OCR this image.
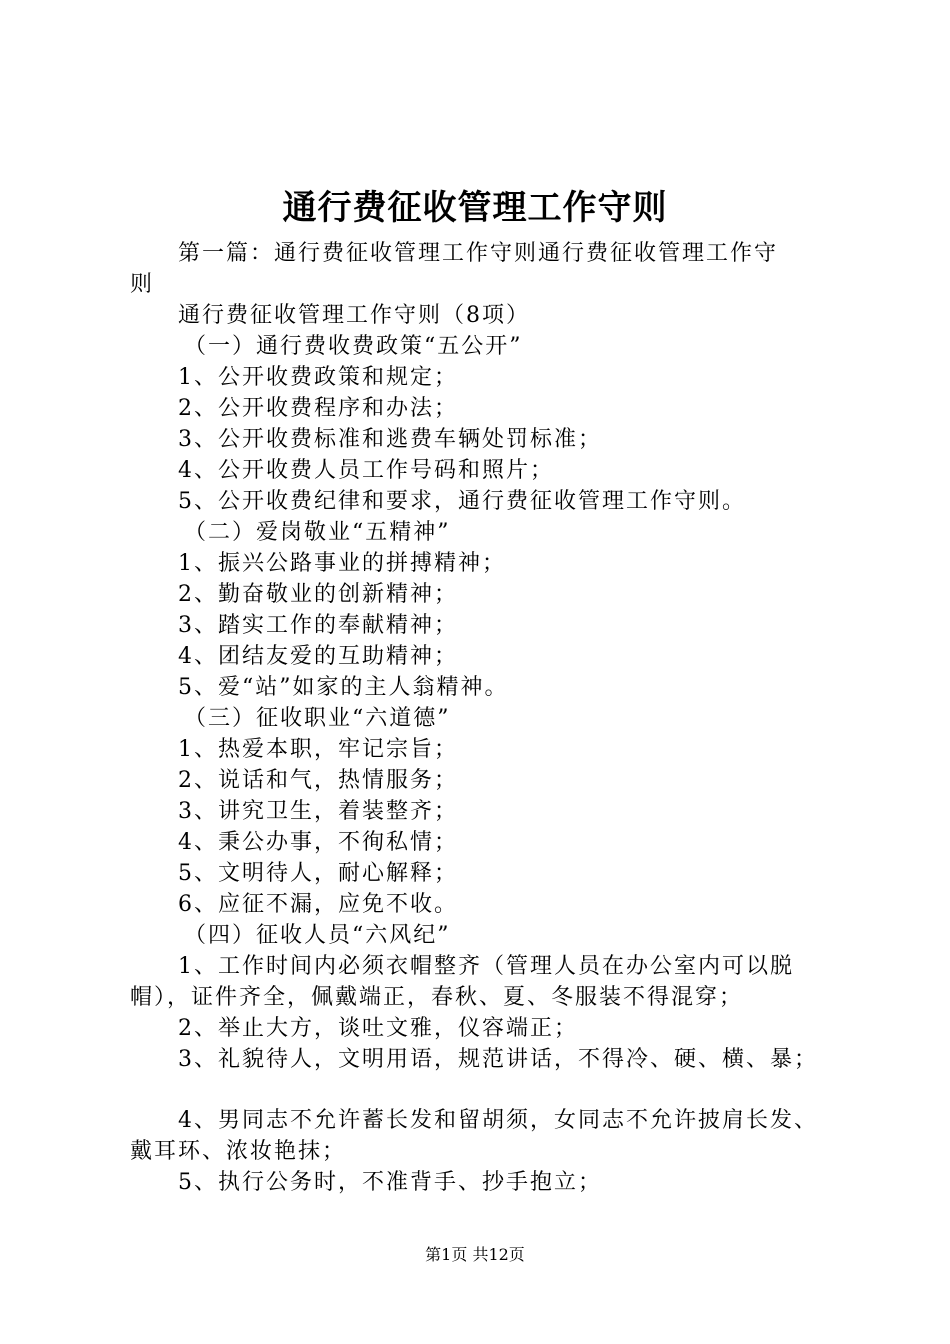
通行费征收管理工作守则
第一篇：通行费征收管理工作守则通行费征收管理工作守
则
通行费征收管理工作守则（8项）
（一）通行费收费政策“五公开”
1、公开收费政策和规定；
2、公开收费程序和办法；
3、公开收费标准和逃费车辆处罚标准；
4、公开收费人员工作号码和照片；
5、公开收费纪律和要求，通行费征收管理工作守则。
（二）爱岗敬业“五精神”
1、振兴公路事业的拼搏精神；
2、勤奋敬业的创新精神；
3、踏实工作的奉献精神；
4、团结友爱的互助精神；
5、爱“站”如家的主人翁精神。
（三）征收职业“六道德”
1、热爱本职，牢记宗旨；
2、说话和气，热情服务；
3、讲究卫生，着装整齐；
4、秉公办事，不徇私情；
5、文明待人，耐心解释；
6、应征不漏，应免不收。
（四）征收人员“六风纪”
1、工作时间内必须衣帽整齐（管理人员在办公室内可以脱
帽），证件齐全，佩戴端正，春秋、夏、冬服装不得混穿；
2、举止大方，谈吐文雅，仪容端正；
3、礼貌待人，文明用语，规范讲话，不得冷、硬、横、暴；
4、男同志不允许蓄长发和留胡须，女同志不允许披肩长发、
戴耳环、浓妆艳抹；
5、执行公务时，不准背手、抄手抱立；
第1页 共12页
